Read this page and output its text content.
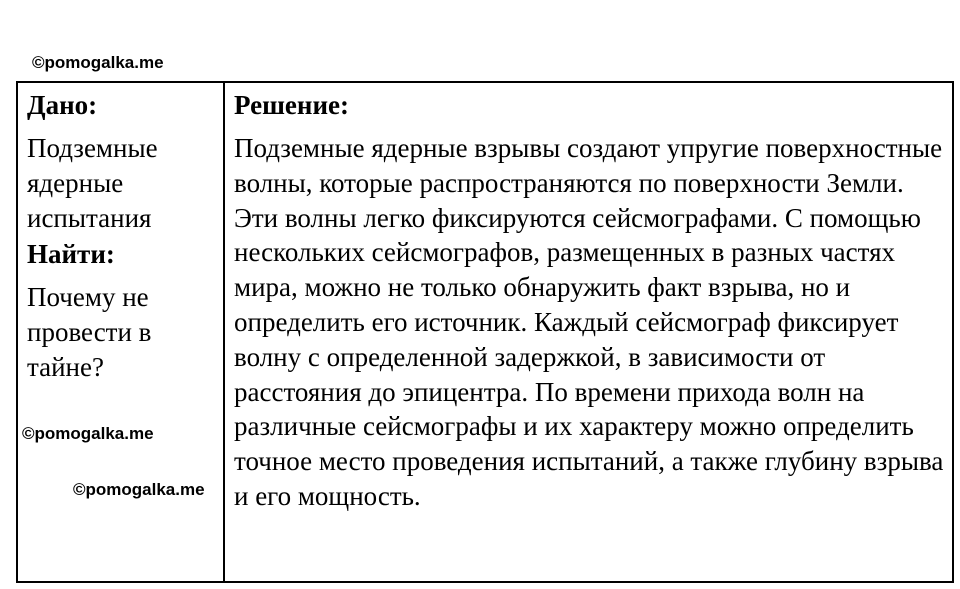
©pomogalka.me
Дано:
Подземные ядерные испытания
Найти:
Почему не провести в тайне?
Решение:
Подземные ядерные взрывы создают упругие поверхностные волны, которые распространяются по поверхности Земли. Эти волны легко фиксируются сейсмографами. С помощью нескольких сейсмографов, размещенных в разных частях мира, можно не только обнаружить факт взрыва, но и определить его источник. Каждый сейсмограф фиксирует волну с определенной задержкой, в зависимости от расстояния до эпицентра. По времени прихода волн на различные сейсмографы и их характеру можно определить точное место проведения испытаний, а также глубину взрыва и его мощность.
©pomogalka.me
©pomogalka.me
